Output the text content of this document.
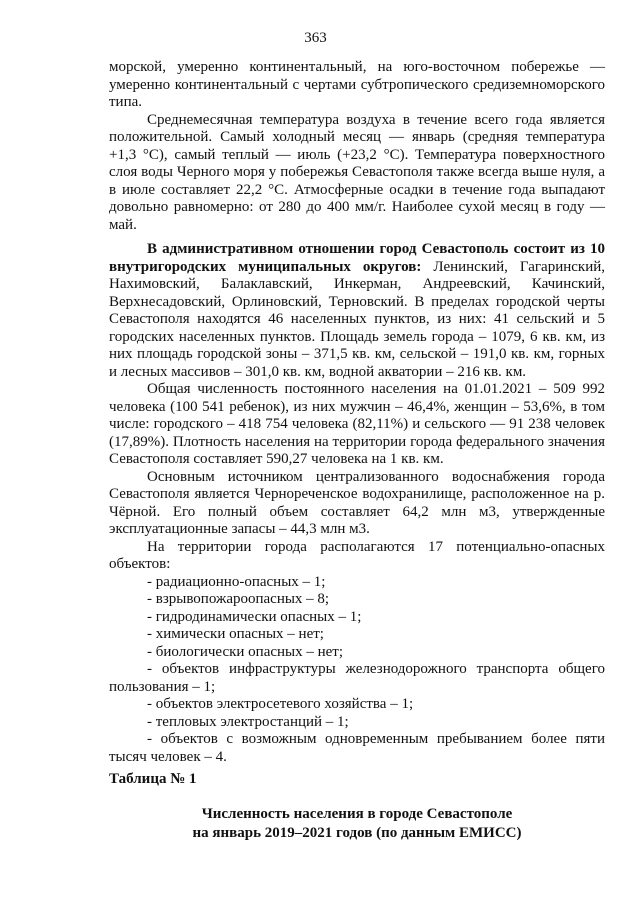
363

морской, умеренно континентальный, на юго-восточном побережье — умеренно континентальный с чертами субтропического средиземноморского типа.

Среднемесячная температура воздуха в течение всего года является положительной. Самый холодный месяц — январь (средняя температура +1,3 °С), самый теплый — июль (+23,2 °С). Температура поверхностного слоя воды Черного моря у побережья Севастополя также всегда выше нуля, а в июле составляет 22,2 °С. Атмосферные осадки в течение года выпадают довольно равномерно: от 280 до 400 мм/г. Наиболее сухой месяц в году — май.

В административном отношении город Севастополь состоит из 10 внутригородских муниципальных округов: Ленинский, Гагаринский, Нахимовский, Балаклавский, Инкерман, Андреевский, Качинский, Верхнесадовский, Орлиновский, Терновский. В пределах городской черты Севастополя находятся 46 населенных пунктов, из них: 41 сельский и 5 городских населенных пунктов. Площадь земель города – 1079, 6 кв. км, из них площадь городской зоны – 371,5 кв. км, сельской – 191,0 кв. км, горных и лесных массивов – 301,0 кв. км, водной акватории – 216 кв. км.

Общая численность постоянного населения на 01.01.2021 – 509 992 человека (100 541 ребенок), из них мужчин – 46,4%, женщин – 53,6%, в том числе: городского – 418 754 человека (82,11%) и сельского — 91 238 человек (17,89%). Плотность населения на территории города федерального значения Севастополя составляет 590,27 человека на 1 кв. км.

Основным источником централизованного водоснабжения города Севастополя является Чернореченское водохранилище, расположенное на р. Чёрной. Его полный объем составляет 64,2 млн м3, утвержденные эксплуатационные запасы – 44,3 млн м3.

На территории города располагаются 17 потенциально-опасных объектов:

- радиационно-опасных – 1;

- взрывопожароопасных – 8;

- гидродинамически опасных – 1;

- химически опасных – нет;

- биологически опасных – нет;

- объектов инфраструктуры железнодорожного транспорта общего пользования – 1;

- объектов электросетевого хозяйства – 1;

- тепловых электростанций – 1;

- объектов с возможным одновременным пребыванием более пяти тысяч человек – 4.

Таблица № 1
Численность населения в городе Севастополе
на январь 2019–2021 годов (по данным ЕМИСС)
